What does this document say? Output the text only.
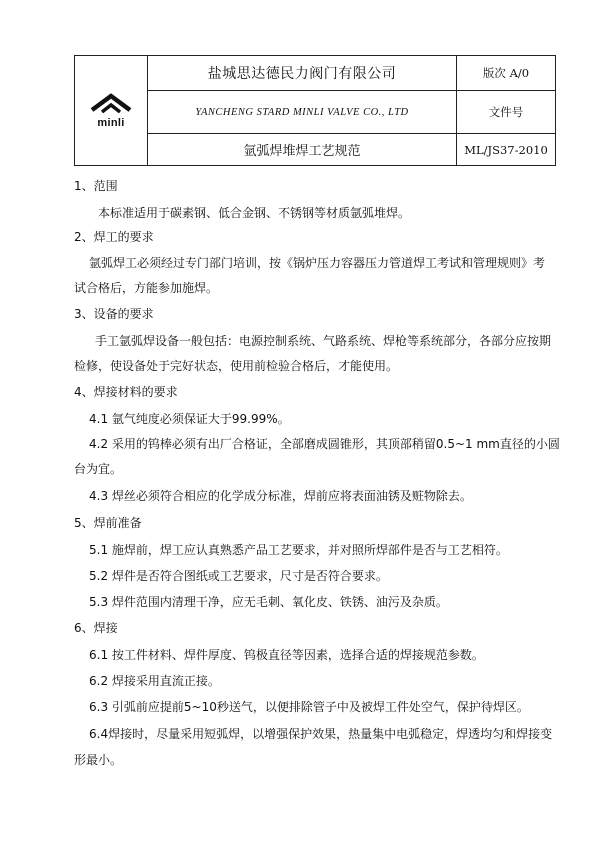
minli	盐城思达德民力阀门有限公司	版次 A/0
	YANCHENG STARD MINLI VALVE CO., LTD	文件号
	氩弧焊堆焊工艺规范	ML/JS37-2010
1、范围
本标准适用于碳素钢、低合金钢、不锈钢等材质氩弧堆焊。
2、焊工的要求
氩弧焊工必须经过专门部门培训，按《锅炉压力容器压力管道焊工考试和管理规则》考
试合格后，方能参加施焊。
3、设备的要求
手工氩弧焊设备一般包括：电源控制系统、气路系统、焊枪等系统部分，各部分应按期
检修，使设备处于完好状态，使用前检验合格后，才能使用。
4、焊接材料的要求
4.1 氩气纯度必须保证大于99.99%。
4.2 采用的钨棒必须有出厂合格证，全部磨成圆锥形，其顶部稍留0.5~1 mm直径的小圆
台为宜。
4.3 焊丝必须符合相应的化学成分标准，焊前应将表面油锈及赃物除去。
5、焊前准备
5.1 施焊前，焊工应认真熟悉产品工艺要求，并对照所焊部件是否与工艺相符。
5.2 焊件是否符合图纸或工艺要求，尺寸是否符合要求。
5.3 焊件范围内清理干净，应无毛刺、氧化皮、铁锈、油污及杂质。
6、焊接
6.1 按工件材料、焊件厚度、钨极直径等因素，选择合适的焊接规范参数。
6.2 焊接采用直流正接。
6.3 引弧前应提前5~10秒送气，以便排除管子中及被焊工件处空气，保护待焊区。
6.4焊接时，尽量采用短弧焊，以增强保护效果，热量集中电弧稳定，焊透均匀和焊接变
形最小。
